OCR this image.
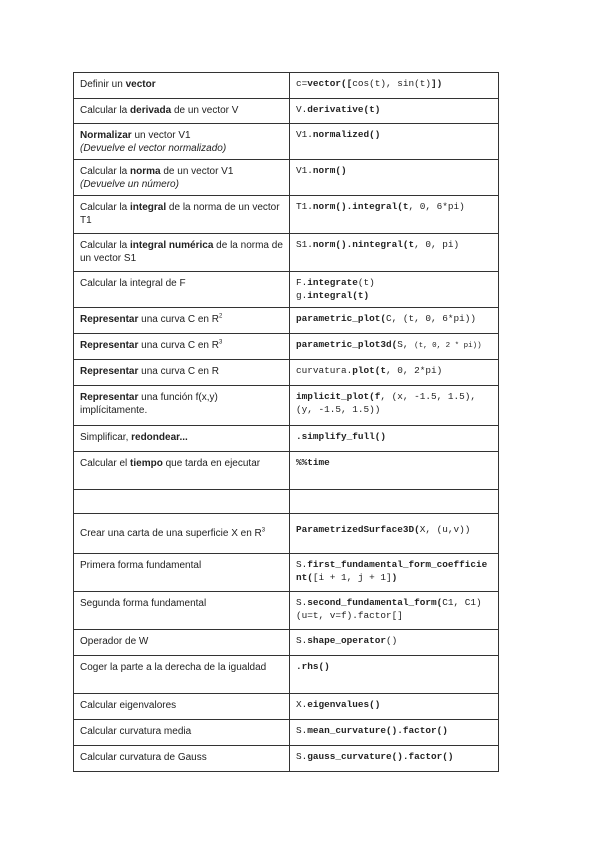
Definir un vector	c=vector([cos(t), sin(t)])
Calcular la derivada de un vector V	V.derivative(t)
Normalizar un vector V1
(Devuelve el vector normalizado)	V1.normalized()
Calcular la norma de un vector V1
(Devuelve un número)	V1.norm()
Calcular la integral de la norma de un vector T1	T1.norm().integral(t, 0, 6*pi)
Calcular la integral numérica de la norma de un vector S1	S1.norm().nintegral(t, 0, pi)
Calcular la integral de F	F.integrate(t)
g.integral(t)
Representar una curva C en $R^2$	parametric_plot(C, (t, 0, 6*pi))
Representar una curva C en $R^3$	parametric_plot3d(S, (t, 0, 2 * pi))
Representar una curva C en R	curvatura.plot(t, 0, 2*pi)
Representar una función f(x,y) implícitamente.	implicit_plot(f, (x, -1.5, 1.5), (y, -1.5, 1.5))
Simplificar, redondear...	.simplify_full()
Calcular el tiempo que tarda en ejecutar	%%time

Crear una carta de una superficie X en $R^3$	ParametrizedSurface3D(X, (u,v))
Primera forma fundamental	S.first_fundamental_form_coefficient([i + 1, j + 1])
Segunda forma fundamental	S.second_fundamental_form(C1, C1)(u=t, v=f).factor[]
Operador de W	S.shape_operator()
Coger la parte a la derecha de la igualdad	.rhs()
Calcular eigenvalores	X.eigenvalues()
Calcular curvatura media	S.mean_curvature().factor()
Calcular curvatura de Gauss	S.gauss_curvature().factor()
